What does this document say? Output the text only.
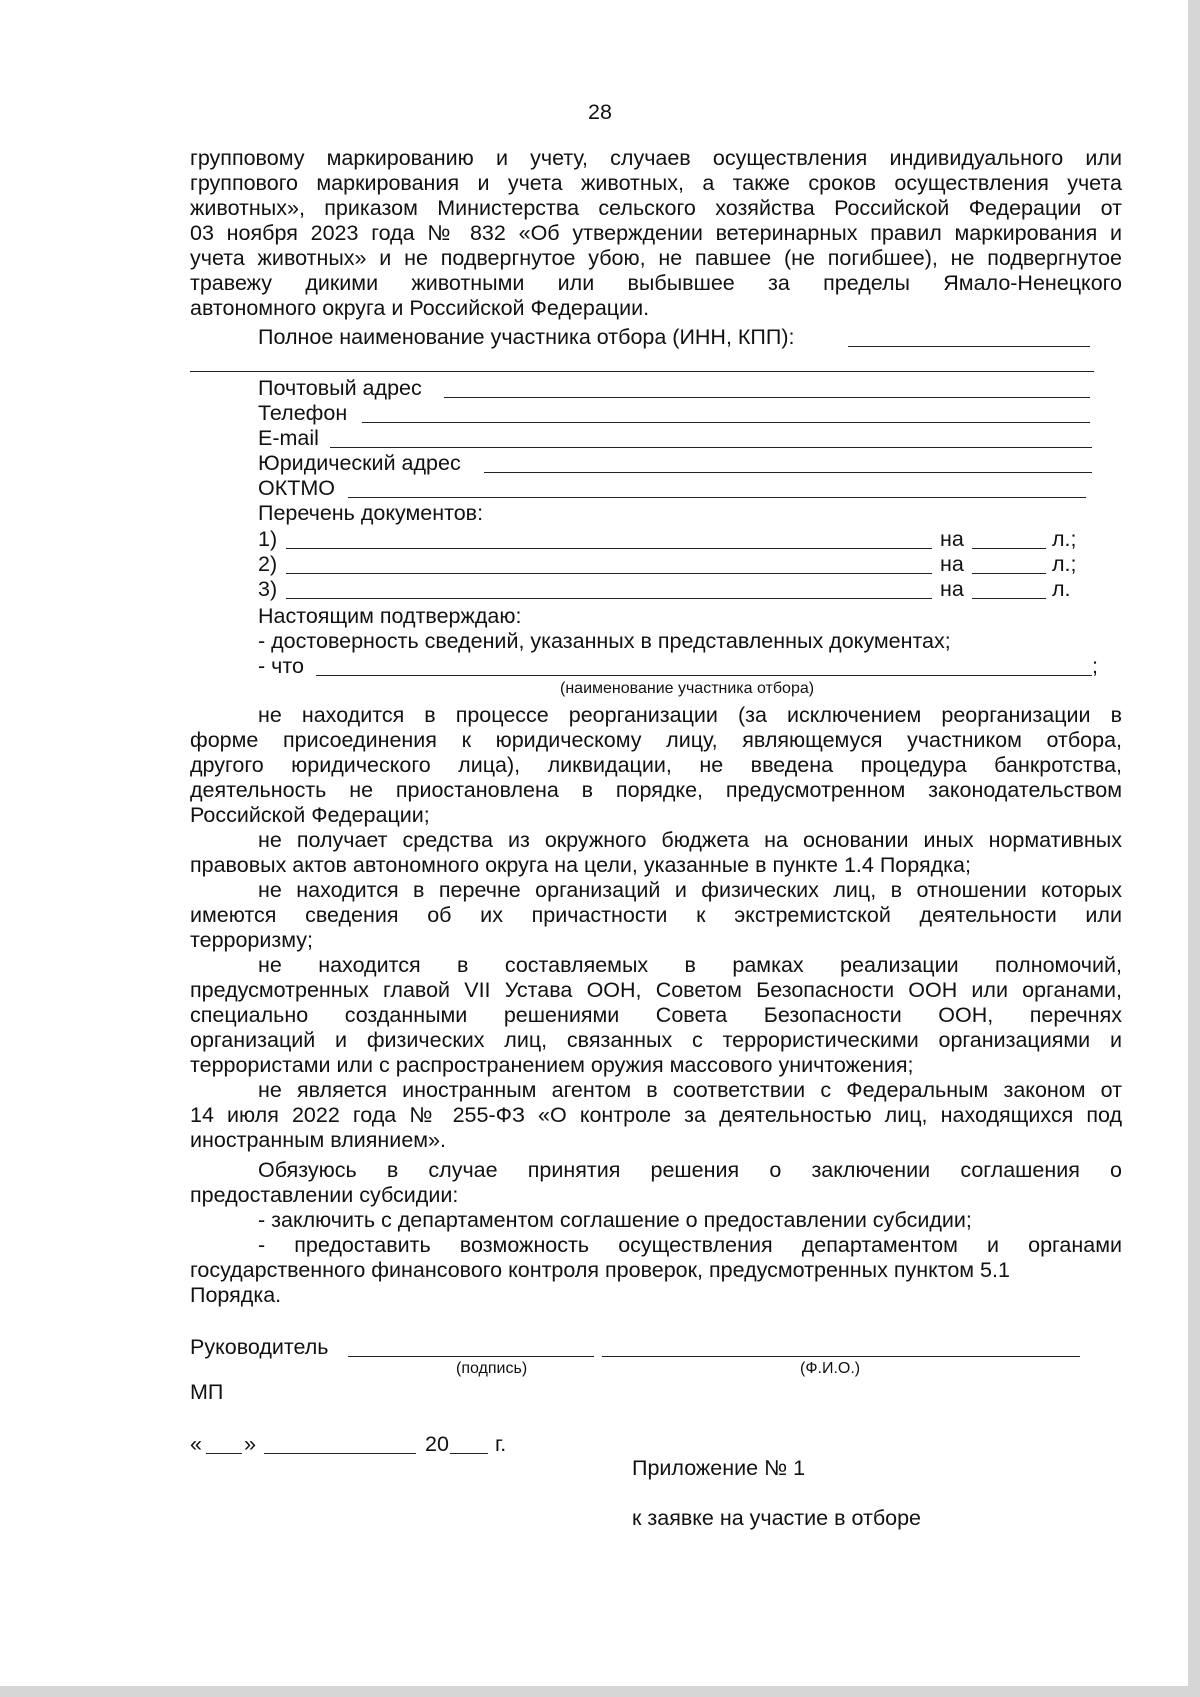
28
групповому маркированию и учету, случаев осуществления индивидуального или
группового маркирования и учета животных, а также сроков осуществления учета
животных», приказом Министерства сельского хозяйства Российской Федерации от
03 ноября 2023 года № 832 «Об утверждении ветеринарных правил маркирования и
учета животных» и не подвергнутое убою, не павшее (не погибшее), не подвергнутое
травежу дикими животными или выбывшее за пределы Ямало-Ненецкого
автономного округа и Российской Федерации.
Полное наименование участника отбора (ИНН, КПП):
Почтовый адрес
Телефон
E-mail
Юридический адрес
ОКТМО
Перечень документов:
1)	на	л.;
2)	на	л.;
3)	на	л.
Настоящим подтверждаю:
- достоверность сведений, указанных в представленных документах;
- что	;
(наименование участника отбора)
не находится в процессе реорганизации (за исключением реорганизации в
форме присоединения к юридическому лицу, являющемуся участником отбора,
другого юридического лица), ликвидации, не введена процедура банкротства,
деятельность не приостановлена в порядке, предусмотренном законодательством
Российской Федерации;
не получает средства из окружного бюджета на основании иных нормативных
правовых актов автономного округа на цели, указанные в пункте 1.4 Порядка;
не находится в перечне организаций и физических лиц, в отношении которых
имеются сведения об их причастности к экстремистской деятельности или
терроризму;
не находится в составляемых в рамках реализации полномочий,
предусмотренных главой VII Устава ООН, Советом Безопасности ООН или органами,
специально созданными решениями Совета Безопасности ООН, перечнях
организаций и физических лиц, связанных с террористическими организациями и
террористами или с распространением оружия массового уничтожения;
не является иностранным агентом в соответствии с Федеральным законом от
14 июля 2022 года № 255-ФЗ «О контроле за деятельностью лиц, находящихся под
иностранным влиянием».
Обязуюсь в случае принятия решения о заключении соглашения о
предоставлении субсидии:
- заключить с департаментом соглашение о предоставлении субсидии;
- предоставить возможность осуществления департаментом и органами
государственного финансового контроля проверок, предусмотренных пунктом 5.1
Порядка.
Руководитель
(подпись)	(Ф.И.О.)
МП
« »	20 г.
Приложение № 1
к заявке на участие в отборе
